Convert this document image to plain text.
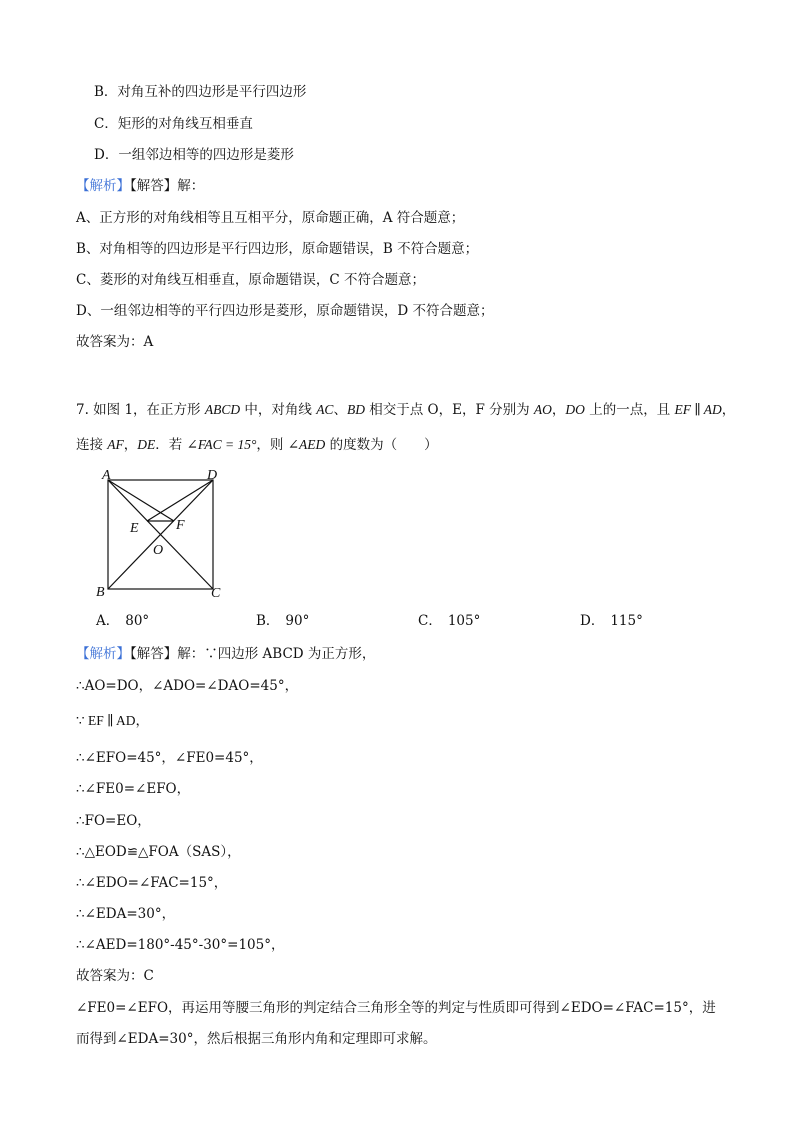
B．对角互补的四边形是平行四边形
C．矩形的对角线互相垂直
D．一组邻边相等的四边形是菱形
【解析】【解答】解：
A、正方形的对角线相等且互相平分，原命题正确，A 符合题意；
B、对角相等的四边形是平行四边形，原命题错误，B 不符合题意；
C、菱形的对角线互相垂直，原命题错误，C 不符合题意；
D、一组邻边相等的平行四边形是菱形，原命题错误，D 不符合题意；
故答案为：A
7. 如图 1，在正方形 ABCD 中，对角线 AC、BD 相交于点 O，E，F 分别为 AO，DO 上的一点，且 EF ∥ AD，
连接 AF，DE．若 ∠FAC = 15°，则 ∠AED 的度数为（　　）
A	D
E	F
O
B	C
A． 80°	B． 90°	C． 105°	D． 115°
【解析】【解答】解：∵四边形 ABCD 为正方形，
∴AO=DO，∠ADO=∠DAO=45°，
∵ EF ∥ AD，
∴∠EFO=45°，∠FE0=45°，
∴∠FE0=∠EFO，
∴FO=EO，
∴△EOD≌△FOA（SAS），
∴∠EDO=∠FAC=15°，
∴∠EDA=30°，
∴∠AED=180°-45°-30°=105°，
故答案为：C
∠FE0=∠EFO，再运用等腰三角形的判定结合三角形全等的判定与性质即可得到∠EDO=∠FAC=15°，进
而得到∠EDA=30°，然后根据三角形内角和定理即可求解。
